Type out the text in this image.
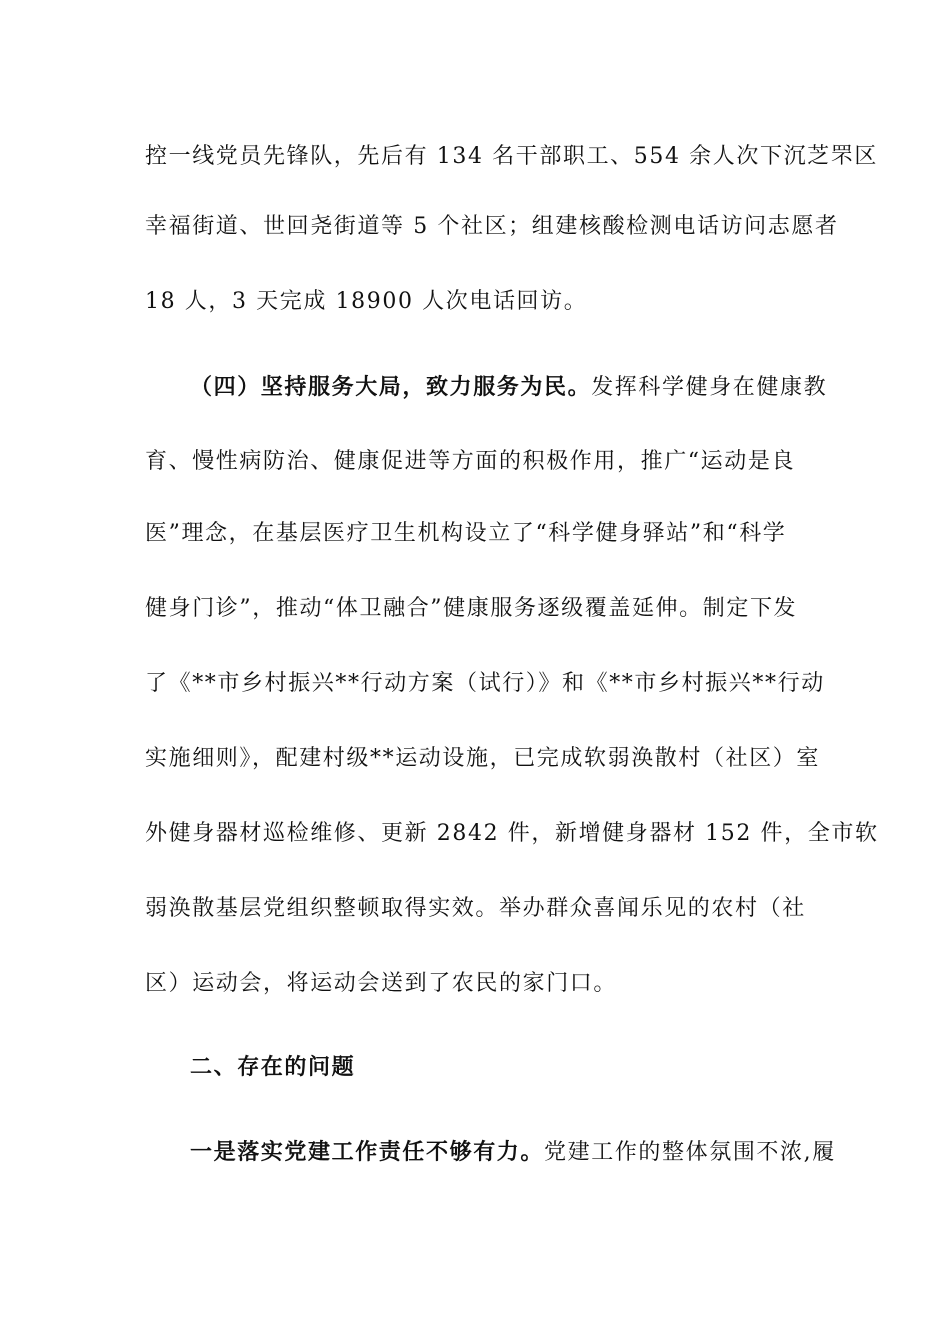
控一线党员先锋队，先后有 134 名干部职工、554 余人次下沉芝罘区
幸福街道、世回尧街道等 5 个社区；组建核酸检测电话访问志愿者
18 人，3 天完成 18900 人次电话回访。
（四）坚持服务大局，致力服务为民。发挥科学健身在健康教
育、慢性病防治、健康促进等方面的积极作用，推广“运动是良
医”理念，在基层医疗卫生机构设立了“科学健身驿站”和“科学
健身门诊”，推动“体卫融合”健康服务逐级覆盖延伸。制定下发
了《**市乡村振兴**行动方案（试行）》和《**市乡村振兴**行动
实施细则》，配建村级**运动设施，已完成软弱涣散村（社区）室
外健身器材巡检维修、更新 2842 件，新增健身器材 152 件，全市软
弱涣散基层党组织整顿取得实效。举办群众喜闻乐见的农村（社
区）运动会，将运动会送到了农民的家门口。
二、存在的问题
一是落实党建工作责任不够有力。党建工作的整体氛围不浓,履
